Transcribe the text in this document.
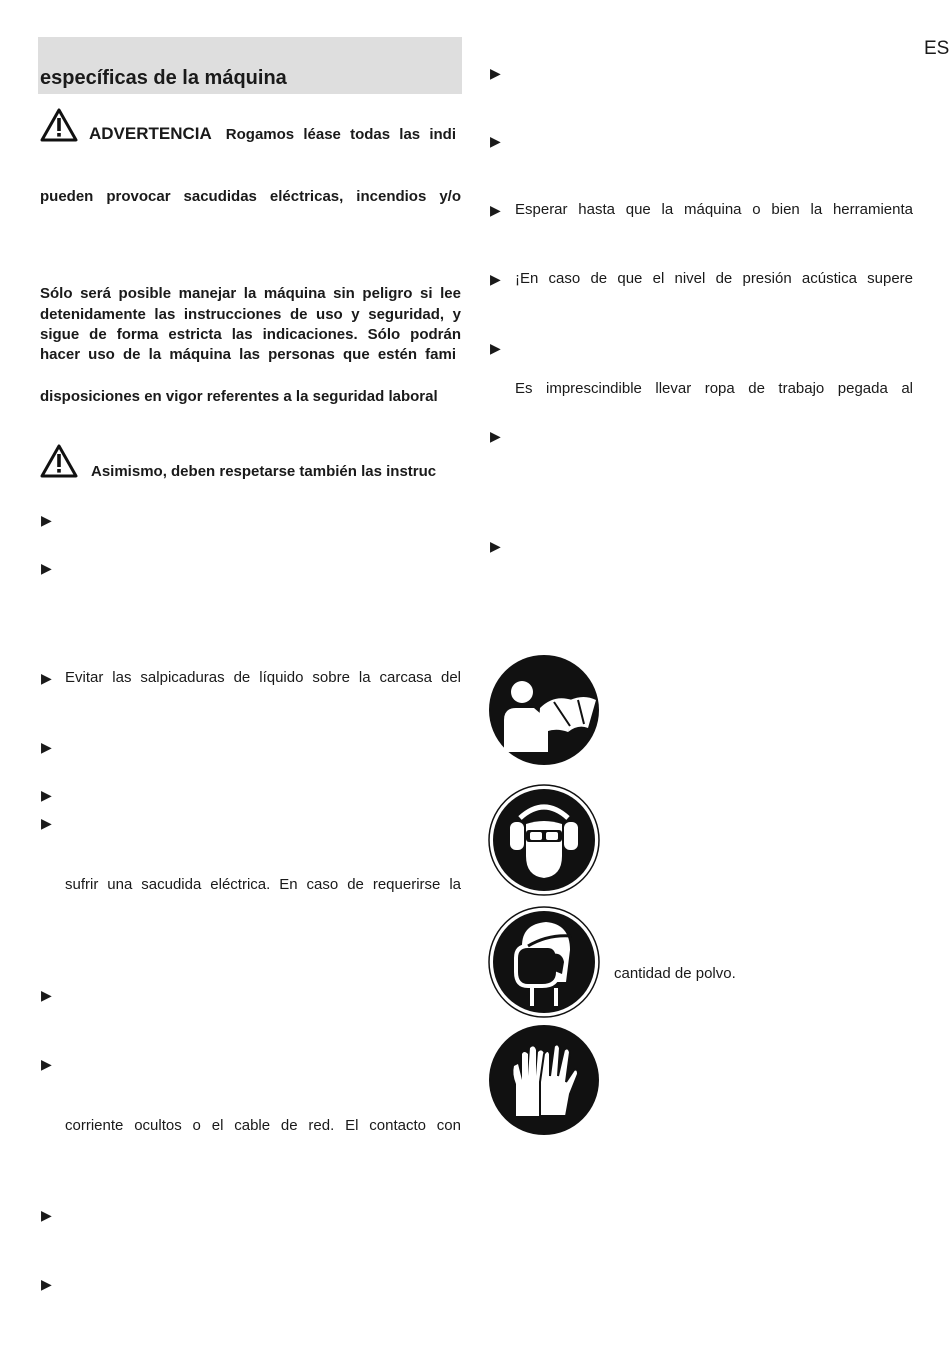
ES
específicas de la máquina
ADVERTENCIA Rogamos léase todas las indi
pueden provocar sacudidas eléctricas, incendios y/o
Sólo será posible manejar la máquina sin peligro si lee
detenidamente las instrucciones de uso y seguridad, y
sigue de forma estricta las indicaciones. Sólo podrán
hacer uso de la máquina las personas que estén fami
disposiciones en vigor referentes a la seguridad laboral
Asimismo, deben respetarse también las instruc
▶
▶
▶ Evitar las salpicaduras de líquido sobre la carcasa del
▶
▶
▶
sufrir una sacudida eléctrica. En caso de requerirse la
▶
▶
corriente ocultos o el cable de red. El contacto con
▶
▶
▶
▶
▶ Esperar hasta que la máquina o bien la herramienta
▶ ¡En caso de que el nivel de presión acústica supere
▶
Es imprescindible llevar ropa de trabajo pegada al
▶
▶
cantidad de polvo.
